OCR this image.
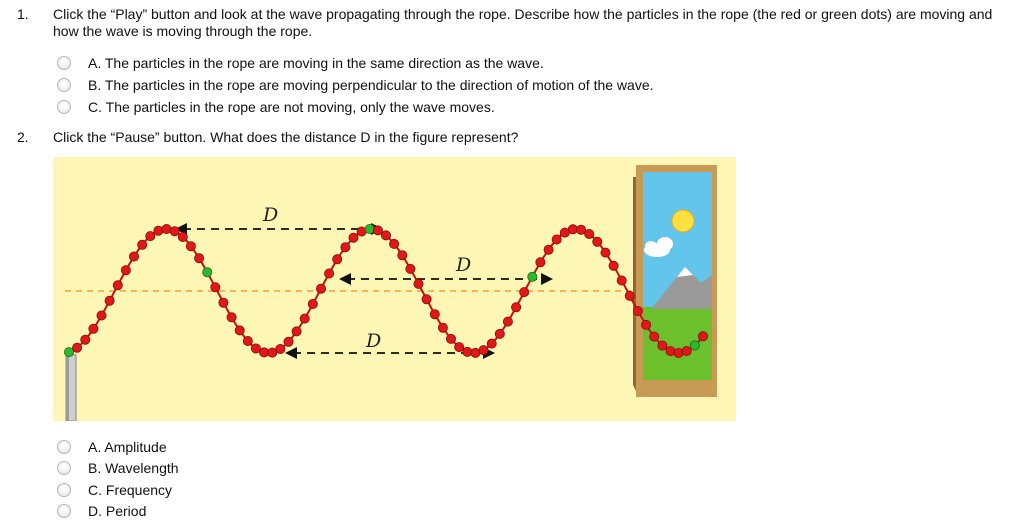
1. Click the “Play” button and look at the wave propagating through the rope. Describe how the particles in the rope (the red or green dots) are moving and how the wave is moving through the rope.
A. The particles in the rope are moving in the same direction as the wave.
B. The particles in the rope are moving perpendicular to the direction of motion of the wave.
C. The particles in the rope are not moving, only the wave moves.
2. Click the “Pause” button. What does the distance D in the figure represent?
D
D
D
A. Amplitude
B. Wavelength
C. Frequency
D. Period
